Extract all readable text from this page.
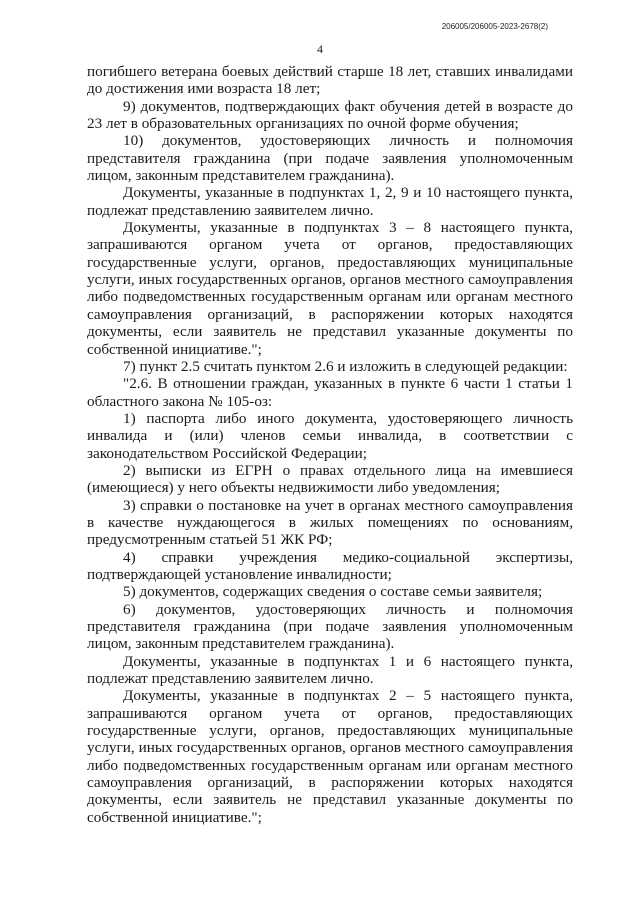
206005/206005-2023-2678(2)
4

погибшего ветерана боевых действий старше 18 лет, ставших инвалидами до достижения ими возраста 18 лет;

9) документов, подтверждающих факт обучения детей в возрасте до 23 лет в образовательных организациях по очной форме обучения;

10) документов, удостоверяющих личность и полномочия представителя гражданина (при подаче заявления уполномоченным лицом, законным представителем гражданина).

Документы, указанные в подпунктах 1, 2, 9 и 10 настоящего пункта, подлежат представлению заявителем лично.

Документы, указанные в подпунктах 3 – 8 настоящего пункта, запрашиваются органом учета от органов, предоставляющих государственные услуги, органов, предоставляющих муниципальные услуги, иных государственных органов, органов местного самоуправления либо подведомственных государственным органам или органам местного самоуправления организаций, в распоряжении которых находятся документы, если заявитель не представил указанные документы по собственной инициативе.";

7) пункт 2.5 считать пунктом 2.6 и изложить в следующей редакции:

"2.6. В отношении граждан, указанных в пункте 6 части 1 статьи 1 областного закона № 105-оз:

1) паспорта либо иного документа, удостоверяющего личность инвалида и (или) членов семьи инвалида, в соответствии с законодательством Российской Федерации;

2) выписки из ЕГРН о правах отдельного лица на имевшиеся (имеющиеся) у него объекты недвижимости либо уведомления;

3) справки о постановке на учет в органах местного самоуправления в качестве нуждающегося в жилых помещениях по основаниям, предусмотренным статьей 51 ЖК РФ;

4) справки учреждения медико-социальной экспертизы, подтверждающей установление инвалидности;

5) документов, содержащих сведения о составе семьи заявителя;

6) документов, удостоверяющих личность и полномочия представителя гражданина (при подаче заявления уполномоченным лицом, законным представителем гражданина).

Документы, указанные в подпунктах 1 и 6 настоящего пункта, подлежат представлению заявителем лично.

Документы, указанные в подпунктах 2 – 5 настоящего пункта, запрашиваются органом учета от органов, предоставляющих государственные услуги, органов, предоставляющих муниципальные услуги, иных государственных органов, органов местного самоуправления либо подведомственных государственным органам или органам местного самоуправления организаций, в распоряжении которых находятся документы, если заявитель не представил указанные документы по собственной инициативе.";
